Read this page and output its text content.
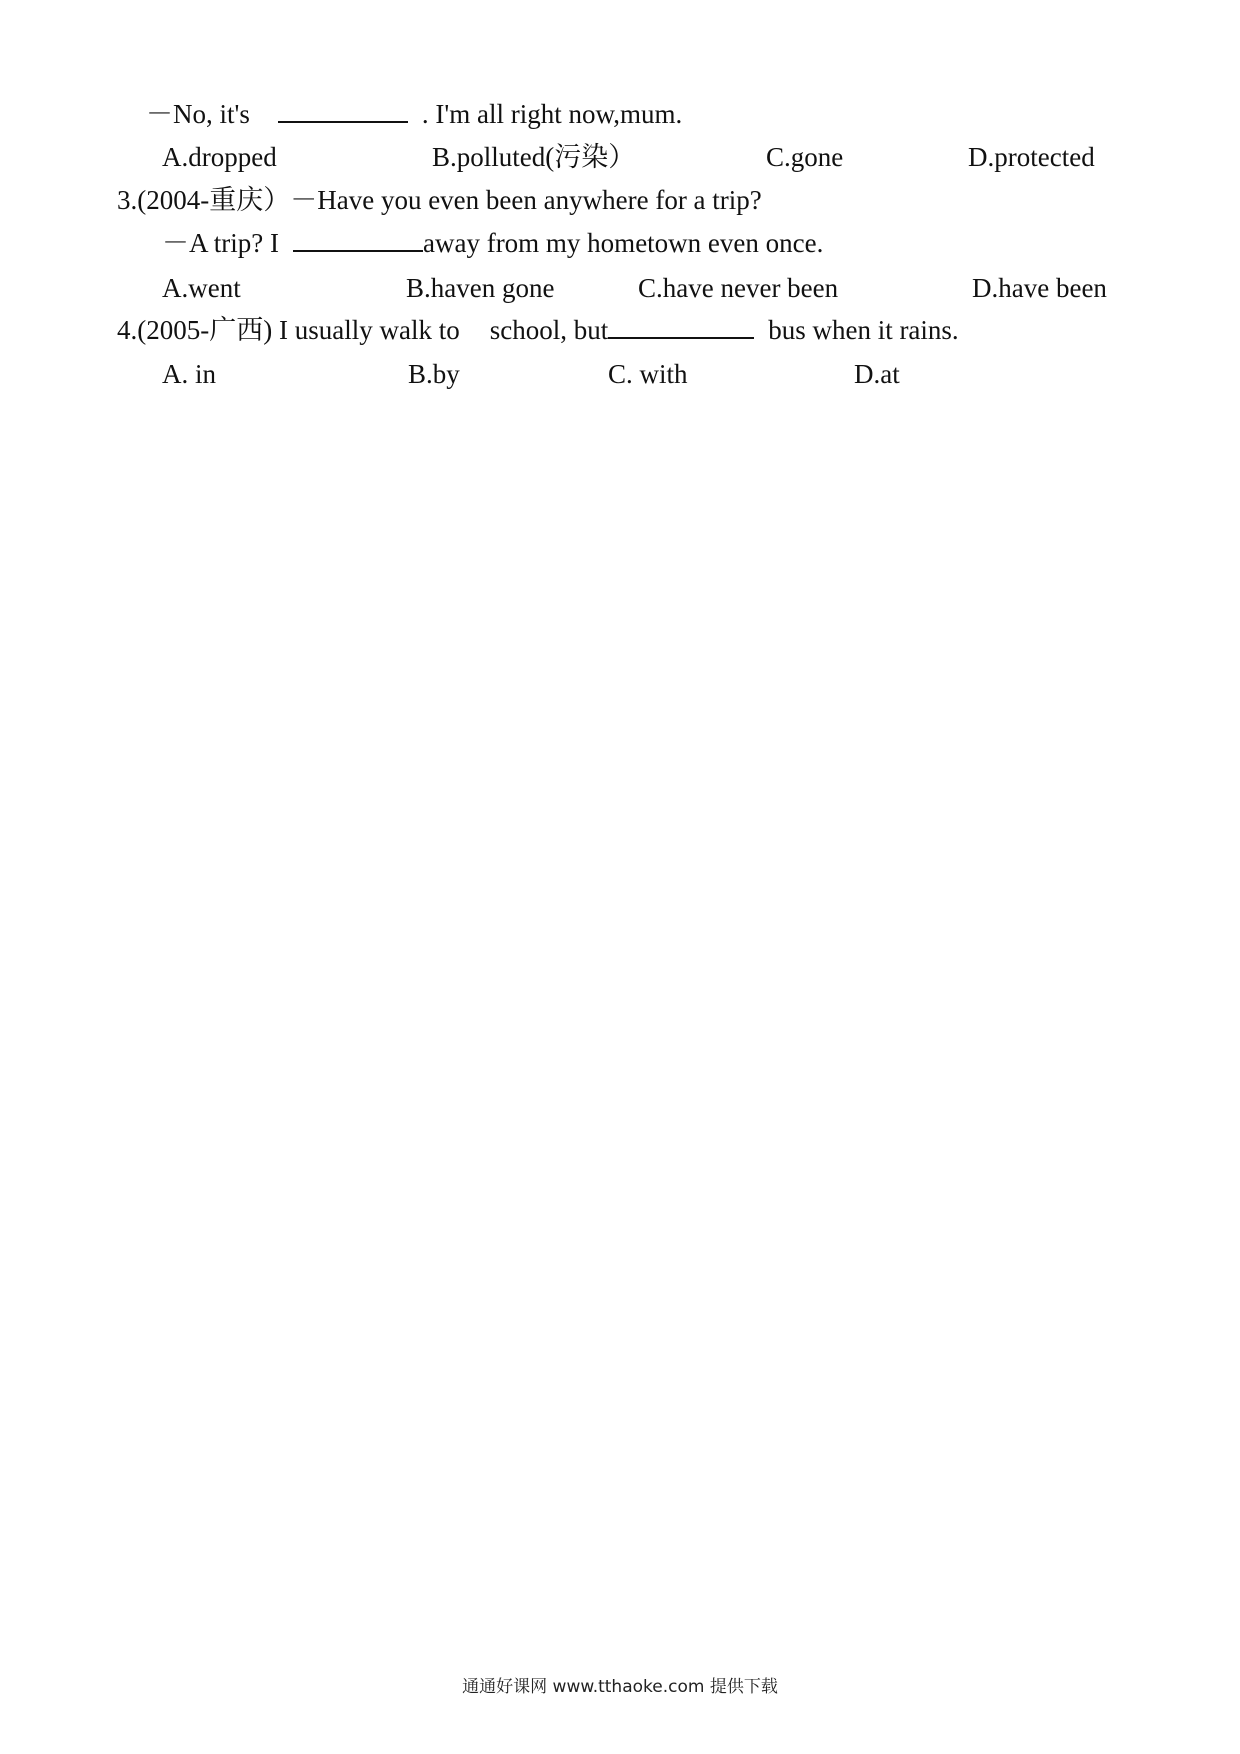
－No, it's	. I'm all right now,mum.
A.dropped	B.polluted(污染）	C.gone	D.protected
3.(2004-重庆）－Have you even been anywhere for a trip?
－A trip? I	away from my hometown even once.
A.went	B.haven gone	C.have never been	D.have been
4.(2005-广西) I usually walk to school, but	bus when it rains.
A. in	B.by	C. with	D.at
通通好课网 www.tthaoke.com 提供下载
